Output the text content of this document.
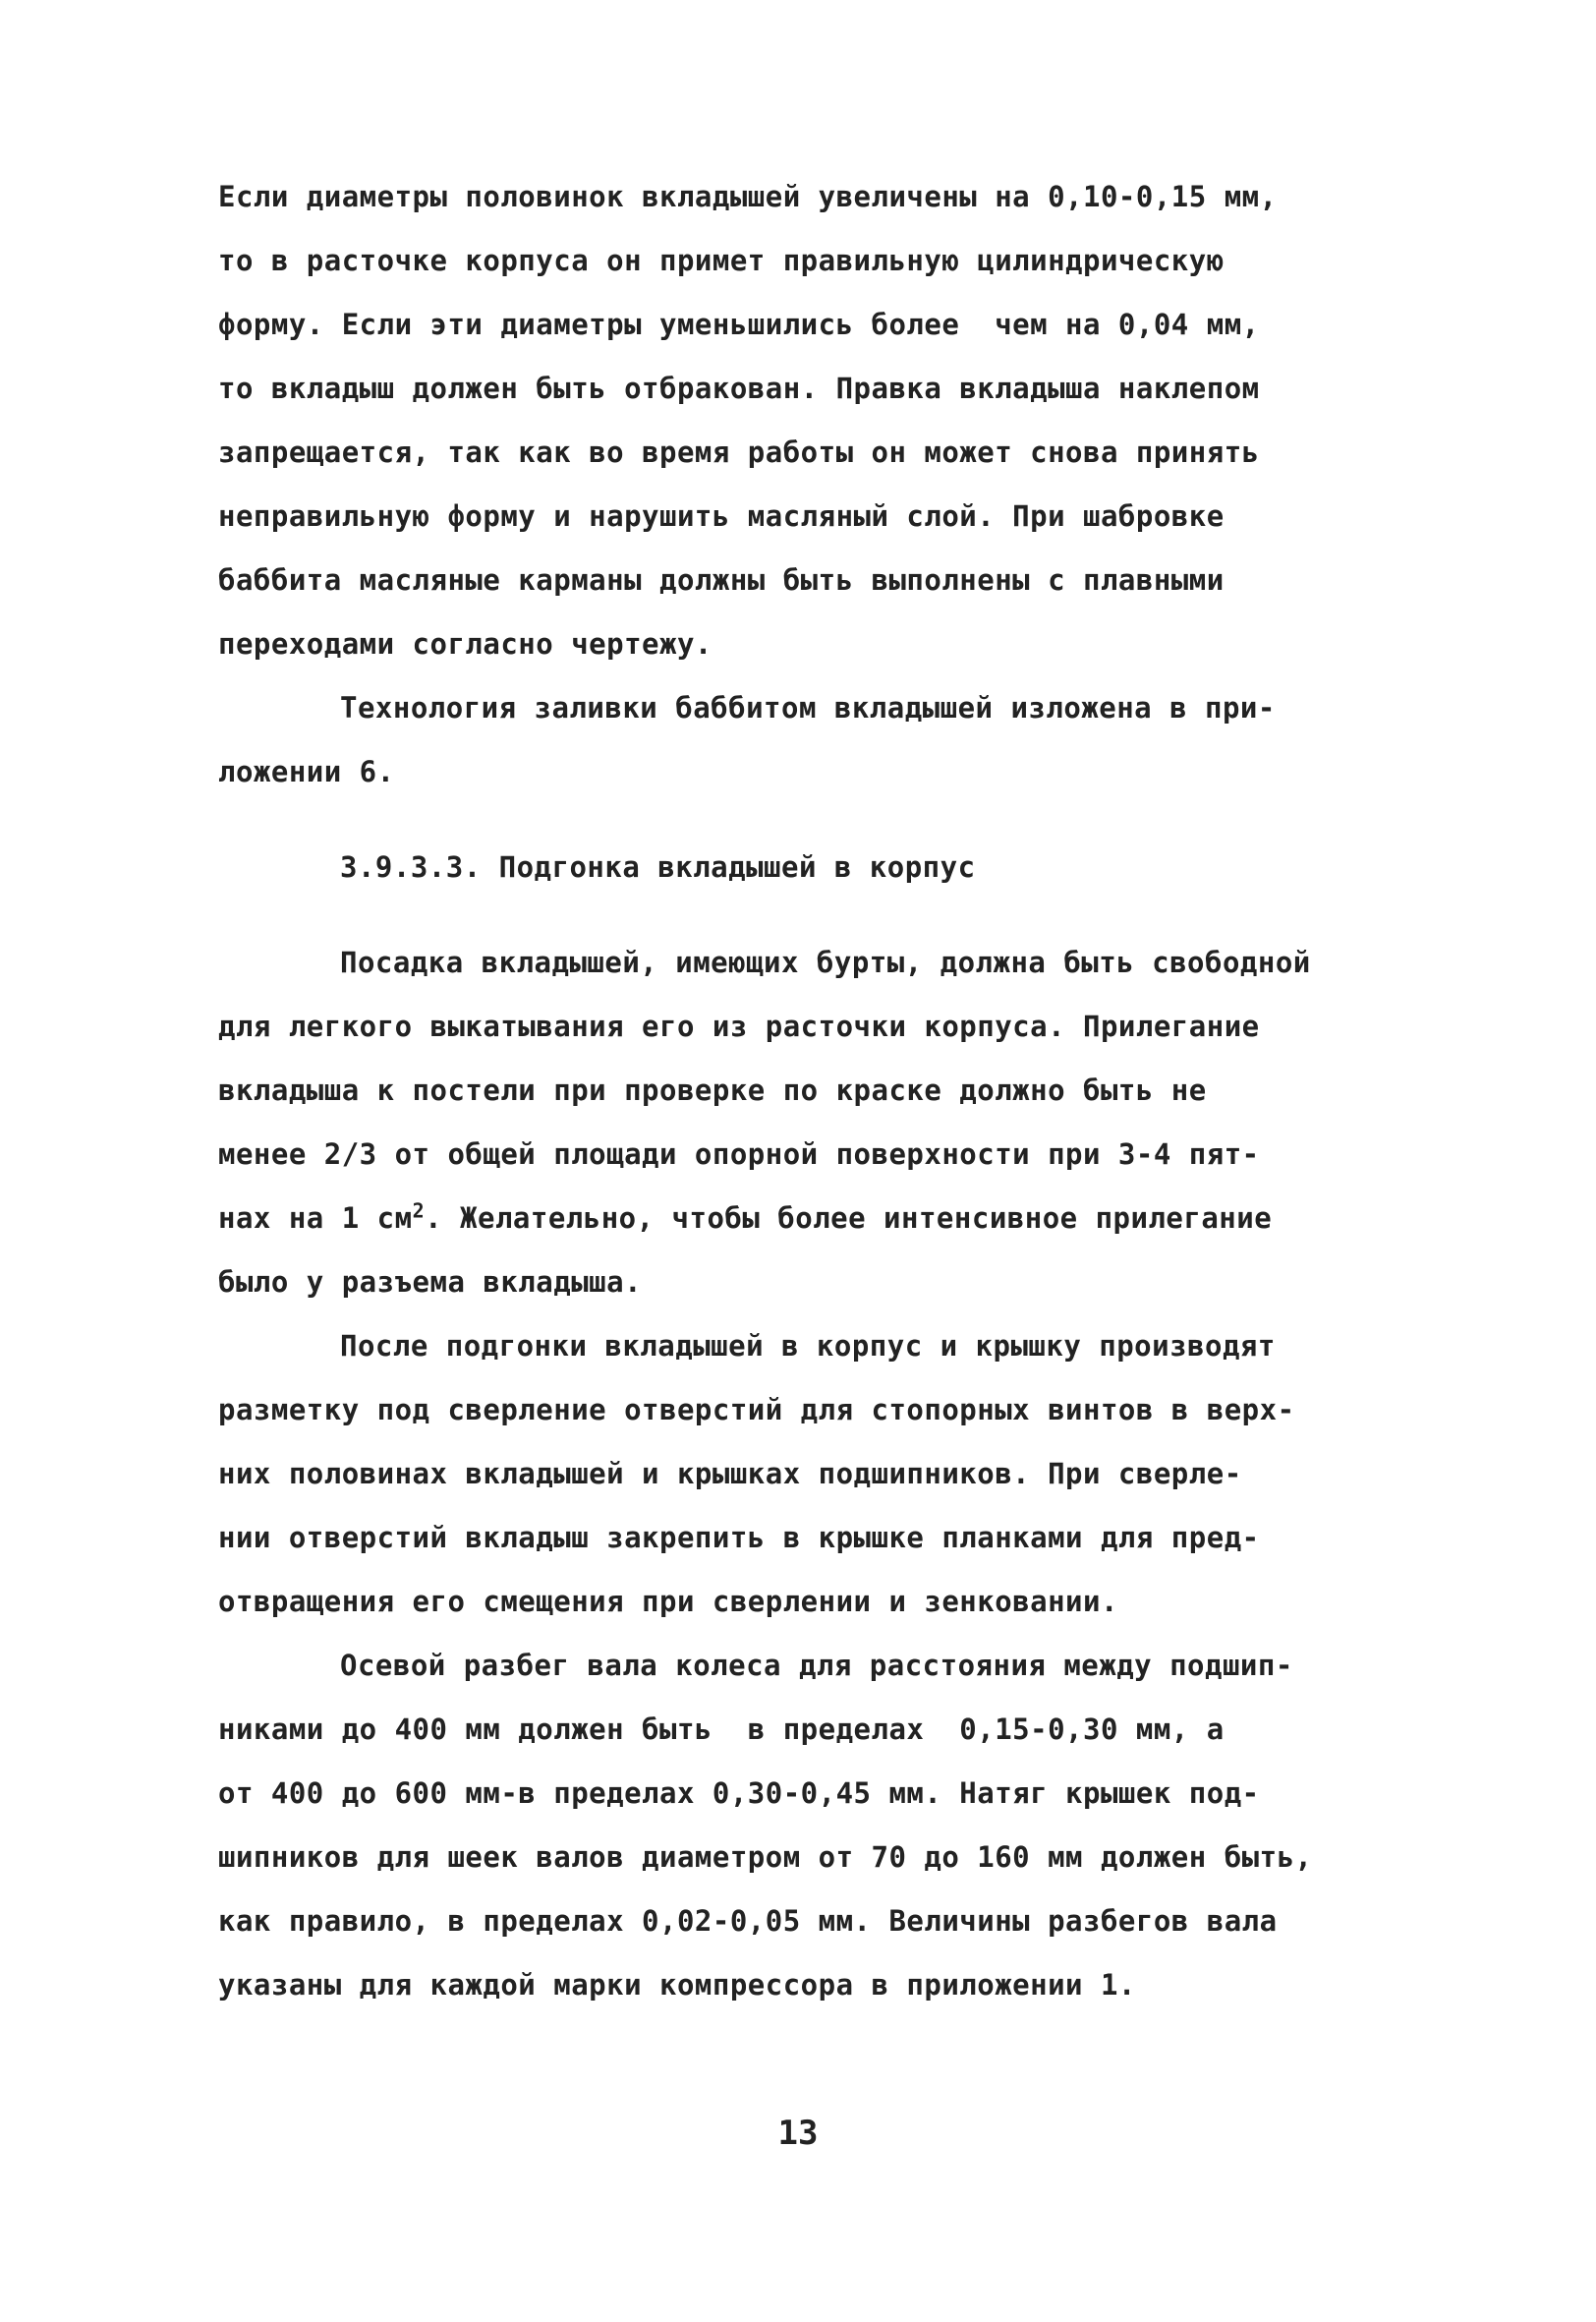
Если диаметры половинок вкладышей увеличены на 0,10-0,15 мм,
то в расточке корпуса он примет правильную цилиндрическую
форму. Если эти диаметры уменьшились более  чем на 0,04 мм,
то вкладыш должен быть отбракован. Правка вкладыша наклепом
запрещается, так как во время работы он может снова принять
неправильную форму и нарушить масляный слой. При шабровке
баббита масляные карманы должны быть выполнены с плавными
переходами согласно чертежу.
Технология заливки баббитом вкладышей изложена в при-
ложении 6.
3.9.3.3. Подгонка вкладышей в корпус
Посадка вкладышей, имеющих бурты, должна быть свободной
для легкого выкатывания его из расточки корпуса. Прилегание
вкладыша к постели при проверке по краске должно быть не
менее 2/3 от общей площади опорной поверхности при 3-4 пят-
нах на 1 $см^2$. Желательно, чтобы более интенсивное прилегание
было у разъема вкладыша.
После подгонки вкладышей в корпус и крышку производят
разметку под сверление отверстий для стопорных винтов в верх-
них половинах вкладышей и крышках подшипников. При сверле-
нии отверстий вкладыш закрепить в крышке планками для пред-
отвращения его смещения при сверлении и зенковании.
Осевой разбег вала колеса для расстояния между подшип-
никами до 400 мм должен быть  в пределах  0,15-0,30 мм, а
от 400 до 600 мм-в пределах 0,30-0,45 мм. Натяг крышек под-
шипников для шеек валов диаметром от 70 до 160 мм должен быть,
как правило, в пределах 0,02-0,05 мм. Величины разбегов вала
указаны для каждой марки компрессора в приложении 1.
13
